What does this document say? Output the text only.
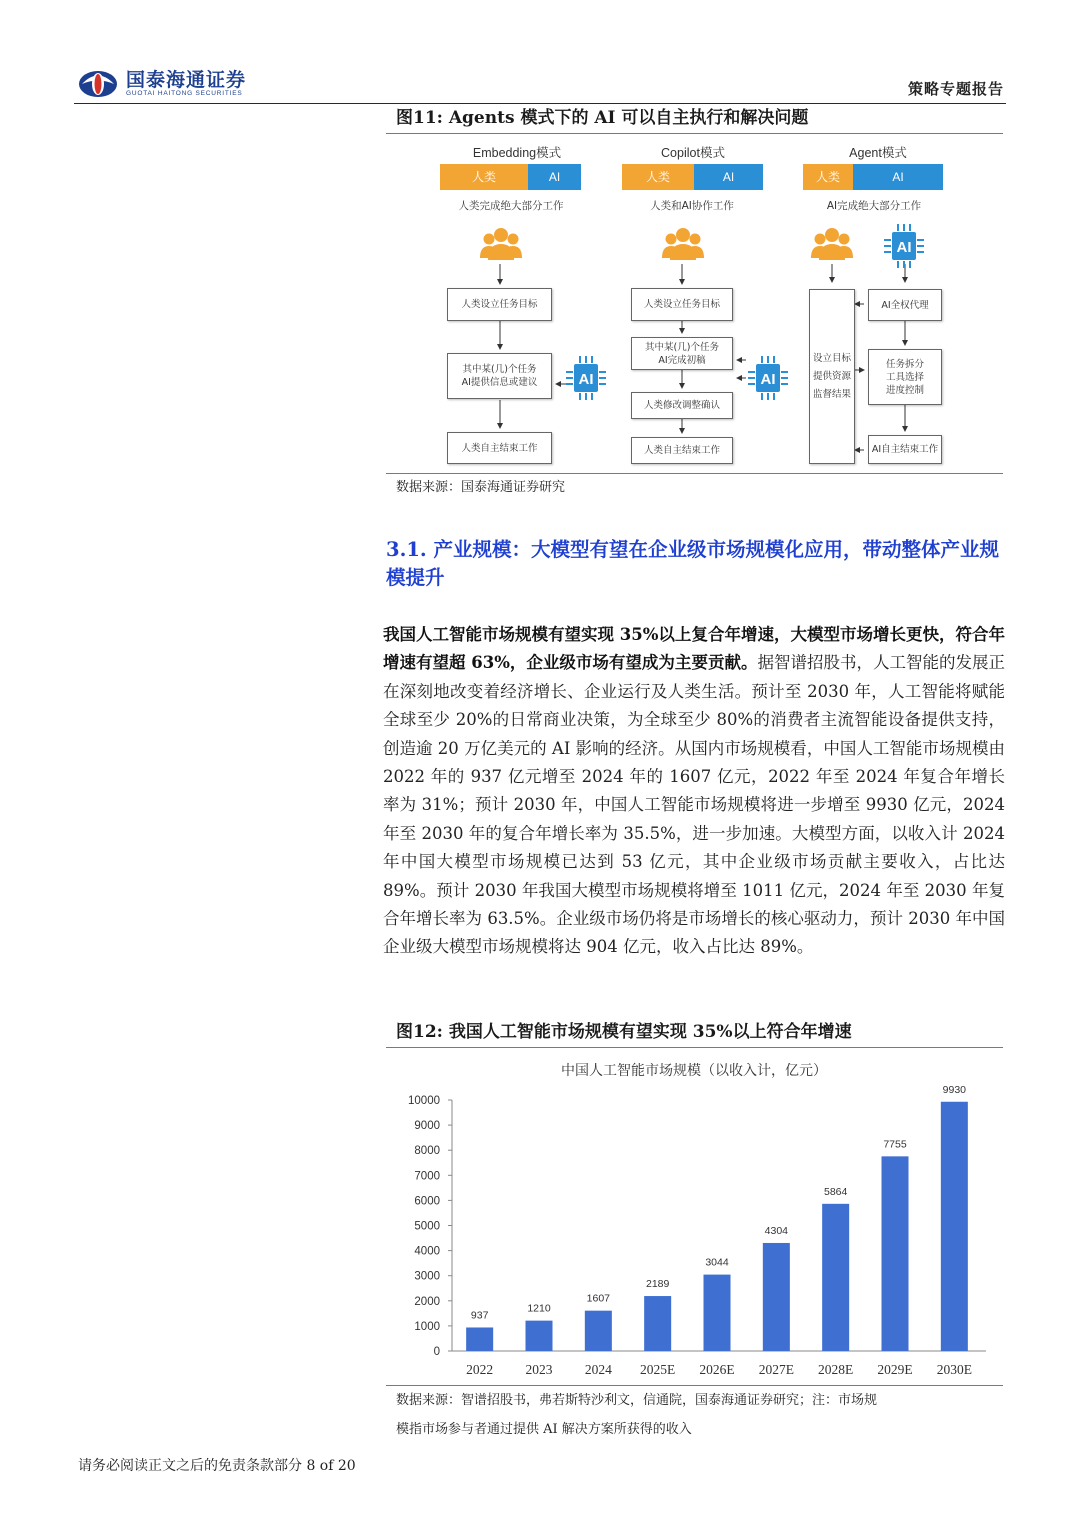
国泰海通证券
GUOTAI HAITONG SECURITIES	策略专题报告
图11: Agents 模式下的 AI 可以自主执行和解决问题
Embedding模式	Copilot模式	Agent模式
人类	AI	人类	AI	人类	AI
人类完成绝大部分工作	人类和AI协作工作	AI完成绝大部分工作
AI	AI
AI
人类设立任务目标
其中某(几)个任务
AI提供信息或建议
人类自主结束工作
人类设立任务目标
其中某(几)个任务
AI完成初稿
人类修改调整确认
人类自主结束工作
设立目标
提供资源
监督结果
AI全权代理
任务拆分
工具选择
进度控制
AI自主结束工作
数据来源：国泰海通证券研究
3.1. 产业规模：大模型有望在企业级市场规模化应用，带动整体产业规模提升
我国人工智能市场规模有望实现 35%以上复合年增速，大模型市场增长更快，符合年增速有望超 63%，企业级市场有望成为主要贡献。据智谱招股书，人工智能的发展正在深刻地改变着经济增长、企业运行及人类生活。预计至 2030 年，人工智能将赋能全球至少 20%的日常商业决策，为全球至少 80%的消费者主流智能设备提供支持，创造逾 20 万亿美元的 AI 影响的经济。从国内市场规模看，中国人工智能市场规模由 2022 年的 937 亿元增至 2024 年的 1607 亿元，2022 年至 2024 年复合年增长率为 31%；预计 2030 年，中国人工智能市场规模将进一步增至 9930 亿元，2024 年至 2030 年的复合年增长率为 35.5%，进一步加速。大模型方面，以收入计 2024 年中国大模型市场规模已达到 53 亿元，其中企业级市场贡献主要收入，占比达 89%。预计 2030 年我国大模型市场规模将增至 1011 亿元，2024 年至 2030 年复合年增长率为 63.5%。企业级市场仍将是市场增长的核心驱动力，预计 2030 年中国企业级大模型市场规模将达 904 亿元，收入占比达 89%。
图12: 我国人工智能市场规模有望实现 35%以上符合年增速
中国人工智能市场规模（以收入计，亿元）
0
1000
2000
3000
4000
5000
6000
7000
8000
9000
10000
937
2022
1210
2023
1607
2024
2189
2025E
3044
2026E
4304
2027E
5864
2028E
7755
2029E
9930
2030E
数据来源：智谱招股书，弗若斯特沙利文，信通院，国泰海通证券研究；注：市场规
模指市场参与者通过提供 AI 解决方案所获得的收入
请务必阅读正文之后的免责条款部分 8 of 20
